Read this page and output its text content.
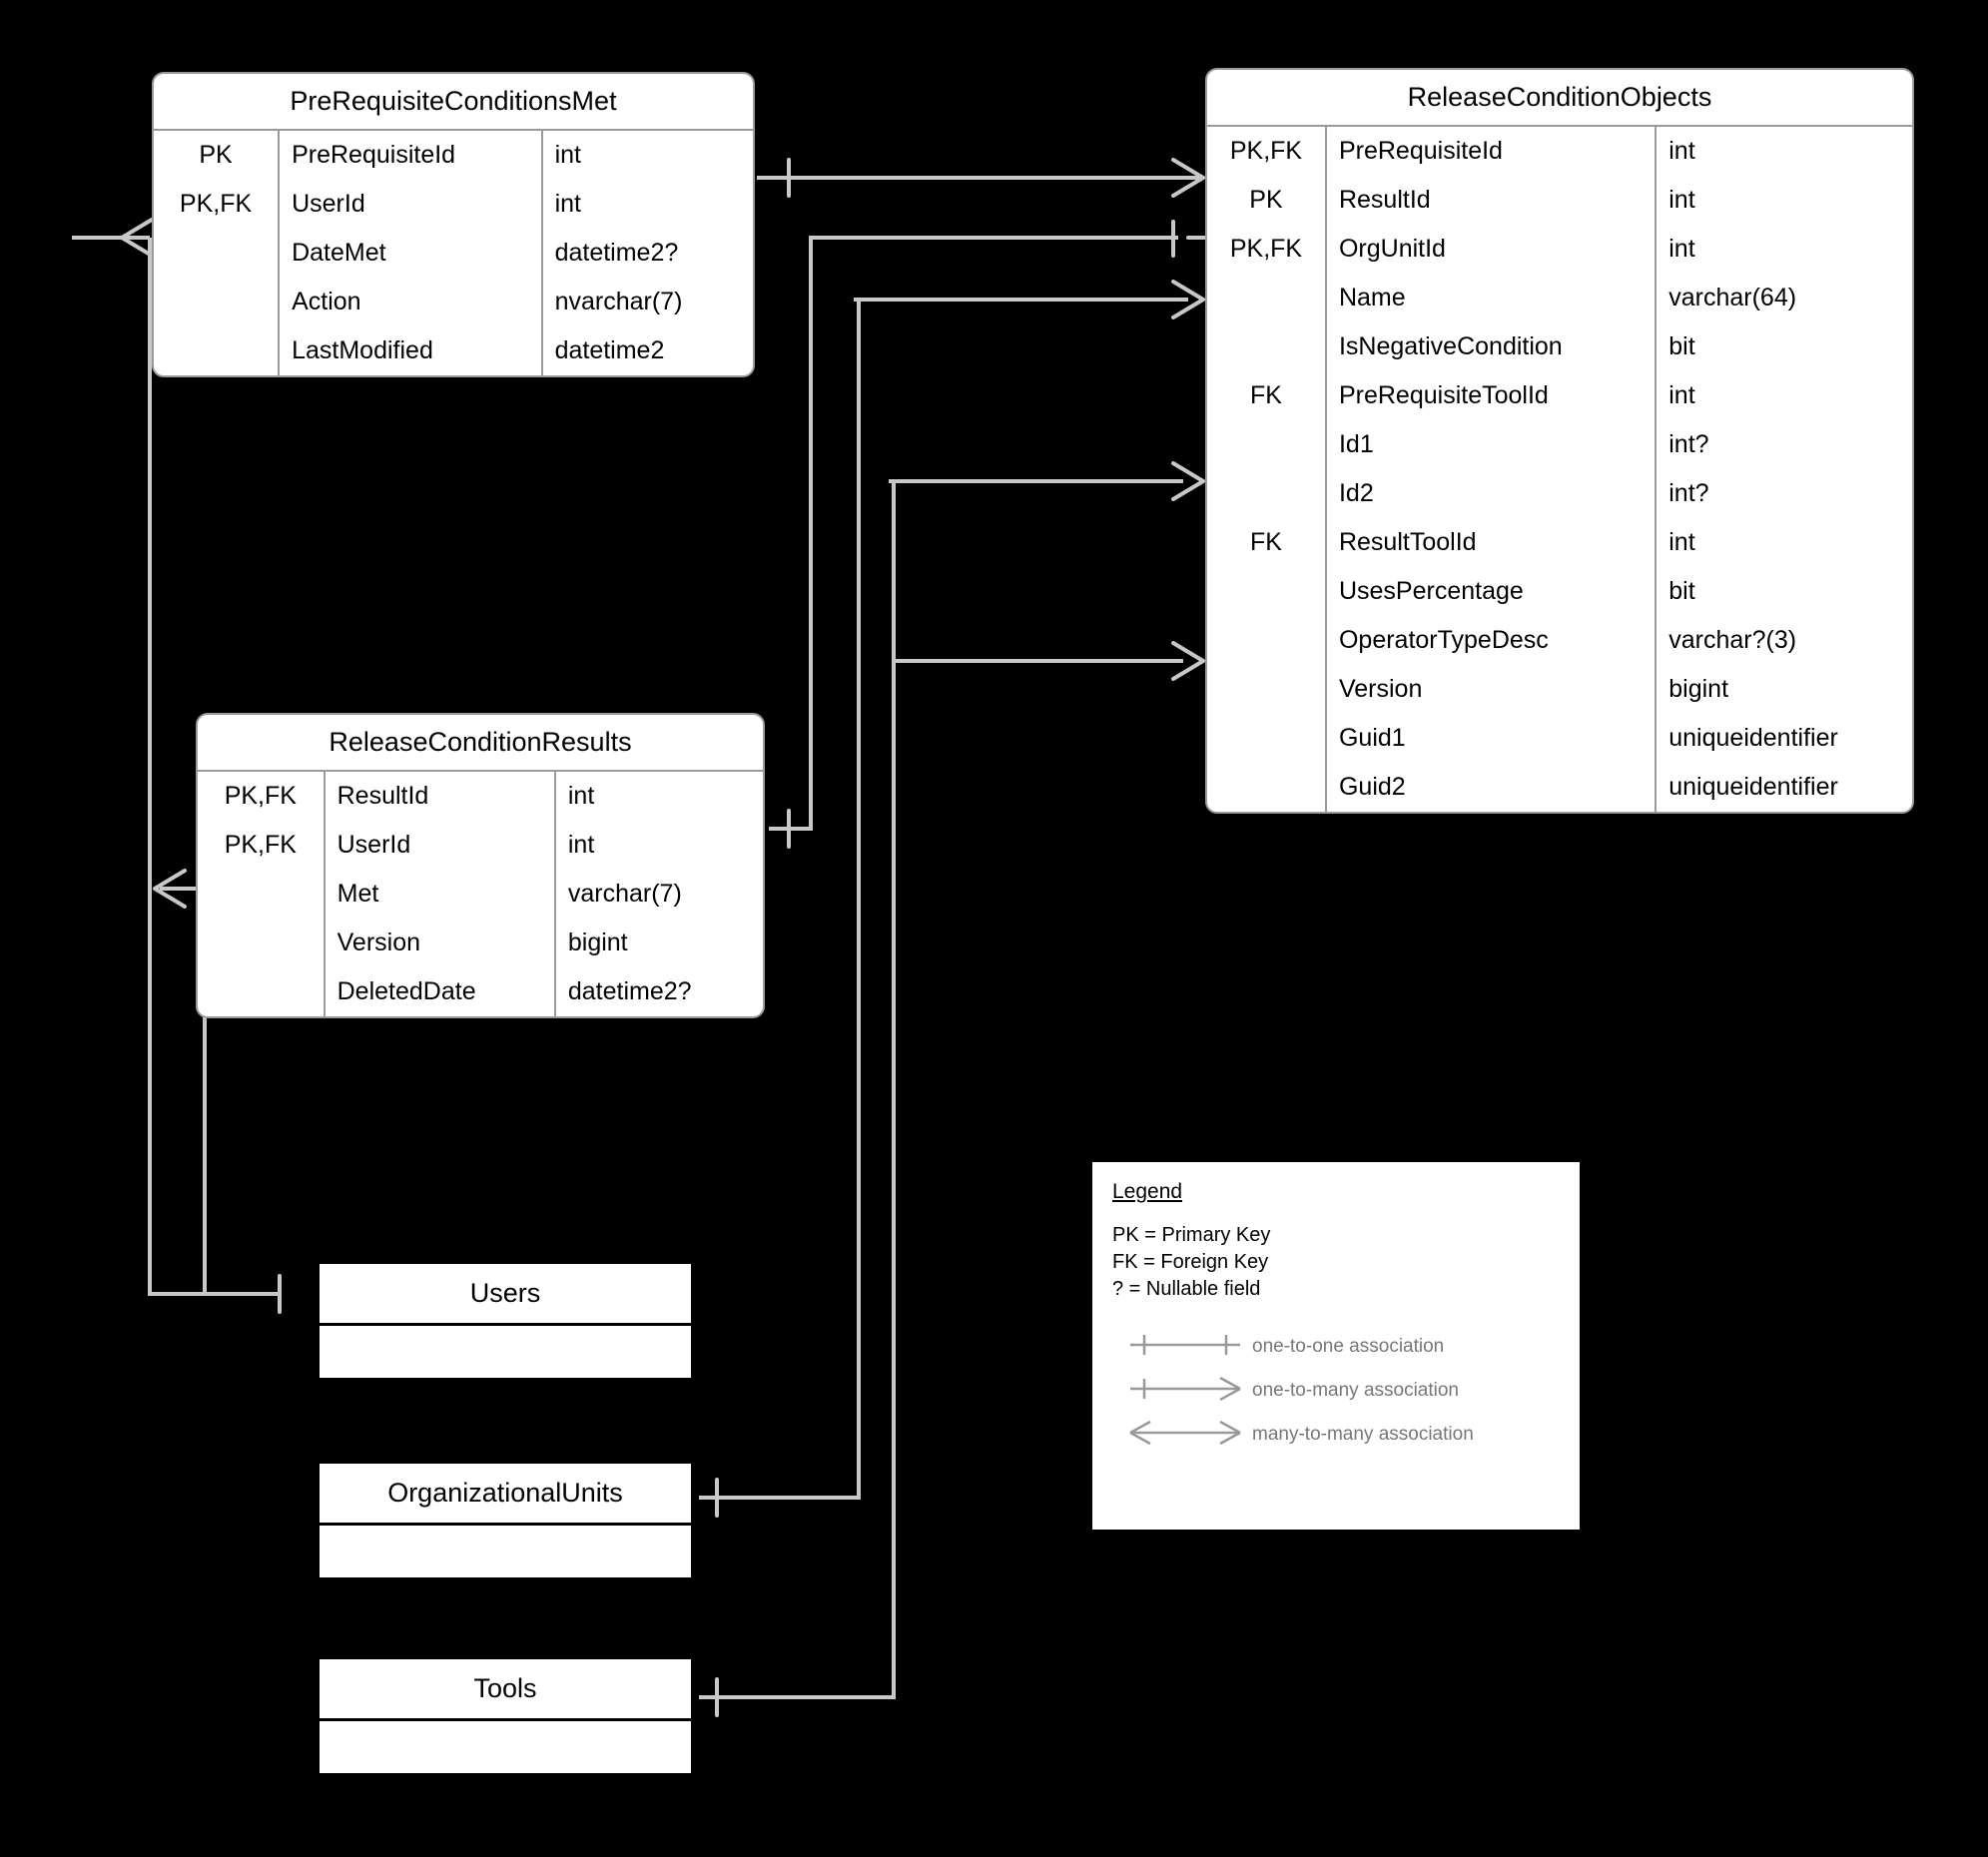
PreRequisiteConditionsMet
PK	PreRequisiteId	int
PK,FK	UserId	int
	DateMet	datetime2?
	Action	nvarchar(7)
	LastModified	datetime2
ReleaseConditionObjects
PK,FK	PreRequisiteId	int
PK	ResultId	int
PK,FK	OrgUnitId	int
	Name	varchar(64)
	IsNegativeCondition	bit
FK	PreRequisiteToolId	int
	Id1	int?
	Id2	int?
FK	ResultToolId	int
	UsesPercentage	bit
	OperatorTypeDesc	varchar?(3)
	Version	bigint
	Guid1	uniqueidentifier
	Guid2	uniqueidentifier
ReleaseConditionResults
PK,FK	ResultId	int
PK,FK	UserId	int
	Met	varchar(7)
	Version	bigint
	DeletedDate	datetime2?
Users
OrganizationalUnits
Tools
Legend
PK = Primary Key
FK = Foreign Key
? = Nullable field
one-to-one association
one-to-many association
many-to-many association
